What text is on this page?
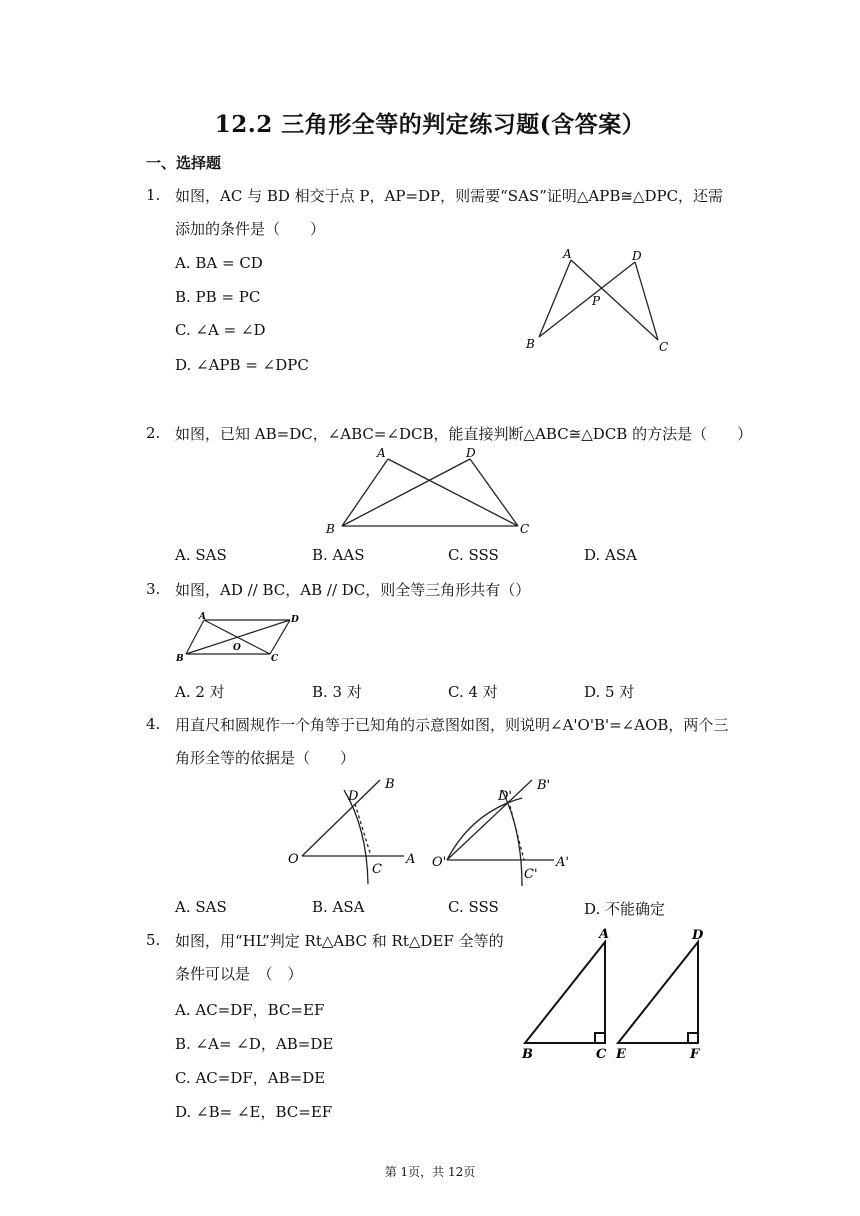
12.2 三角形全等的判定练习题(含答案）
一、选择题
1. 如图，AC 与 BD 相交于点 P，AP=DP，则需要“SAS”证明△APB≅△DPC，还需
添加的条件是（　　）
A. BA = CD
B. PB = PC
C. ∠A = ∠D
D. ∠APB = ∠DPC
A	D
P
B	C
2. 如图，已知 AB=DC，∠ABC=∠DCB，能直接判断△ABC≅△DCB 的方法是（　　）
A	D
B	C
A. SAS	B. AAS	C. SSS	D. ASA
3. 如图，AD // BC，AB // DC，则全等三角形共有（）
A	D
O
B	C
A. 2 对	B. 3 对	C. 4 对	D. 5 对
4. 用直尺和圆规作一个角等于已知角的示意图如图，则说明∠A'O'B'=∠AOB，两个三
角形全等的依据是（　　）
B
D
O
C
A
B'
D'
O'
C'
A'
A. SAS	B. ASA	C. SSS	D. 不能确定
5. 如图，用“HL”判定 Rt△ABC 和 Rt△DEF 全等的
条件可以是　（　）
A. AC=DF，BC=EF
B. ∠A= ∠D，AB=DE
C. AC=DF，AB=DE
D. ∠B= ∠E，BC=EF
A
B	C
D
E	F
第 1页，共 12页
